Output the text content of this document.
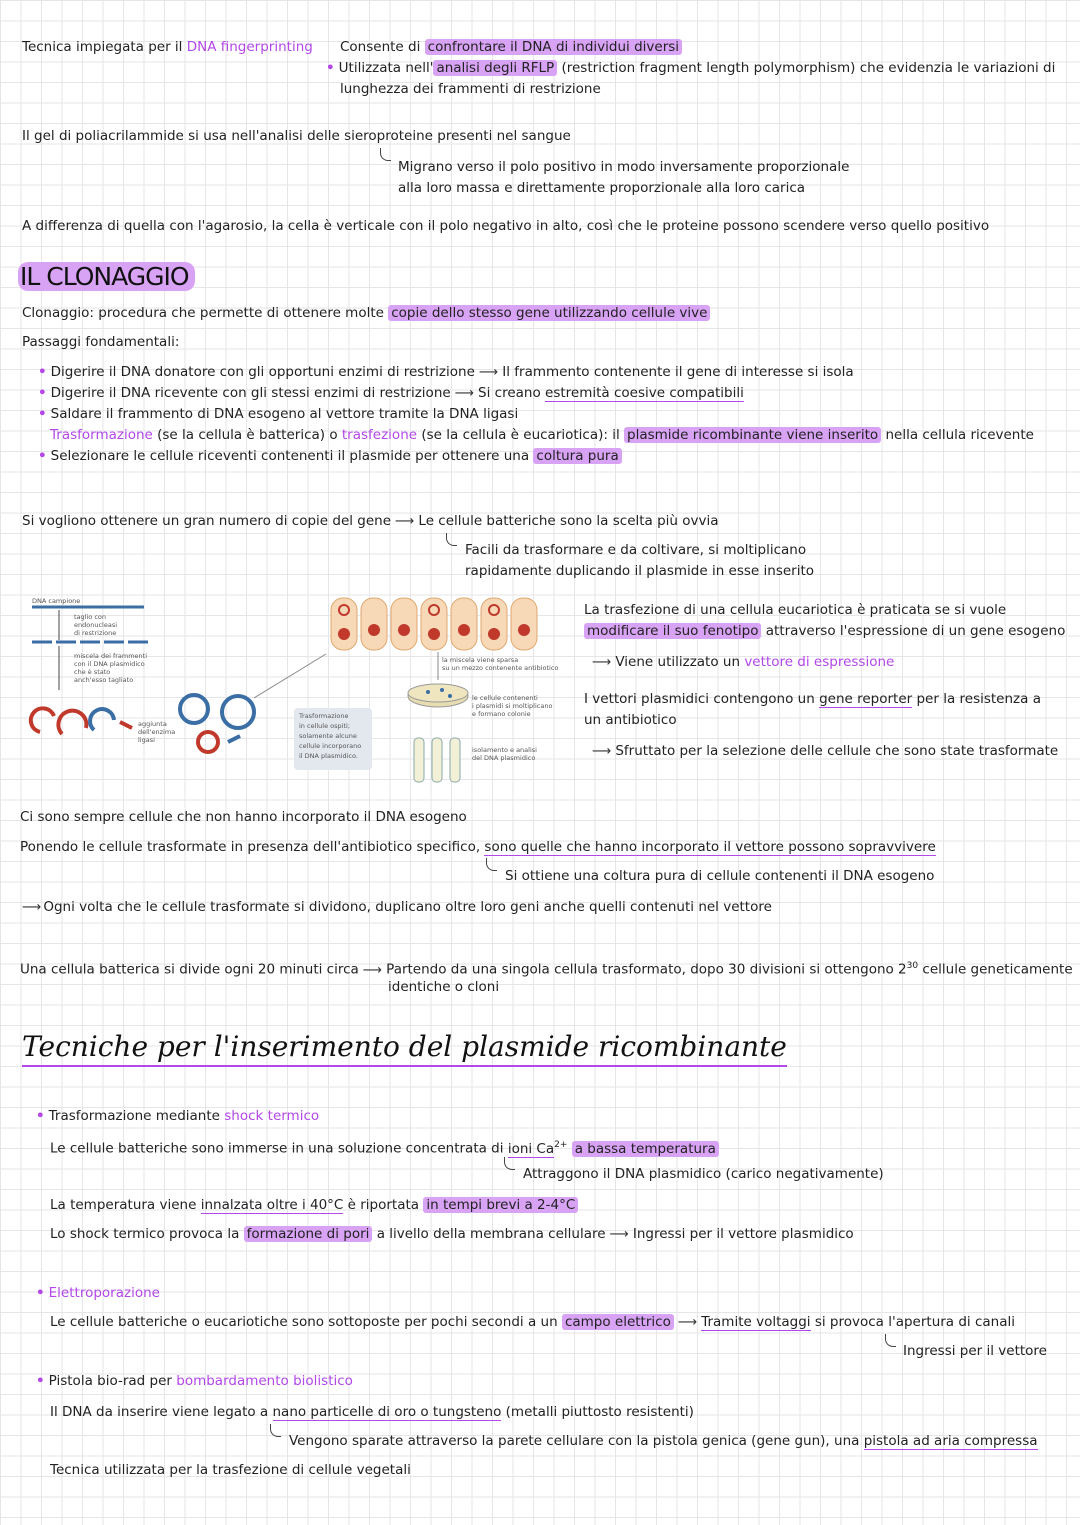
Tecnica impiegata per il DNA fingerprinting Consente di confrontare il DNA di individui diversi
• Utilizzata nell' analisi degli RFLP (restriction fragment length polymorphism) che evidenzia le variazioni di
lunghezza dei frammenti di restrizione
Il gel di poliacrilammide si usa nell'analisi delle sieroproteine presenti nel sangue
Migrano verso il polo positivo in modo inversamente proporzionale
alla loro massa e direttamente proporzionale alla loro carica
A differenza di quella con l'agarosio, la cella è verticale con il polo negativo in alto, così che le proteine possono scendere verso quello positivo
IL CLONAGGIO
Clonaggio: procedura che permette di ottenere molte copie dello stesso gene utilizzando cellule vive
Passaggi fondamentali:
• Digerire il DNA donatore con gli opportuni enzimi di restrizione ⟶ Il frammento contenente il gene di interesse si isola
• Digerire il DNA ricevente con gli stessi enzimi di restrizione ⟶ Si creano estremità coesive compatibili
• Saldare il frammento di DNA esogeno al vettore tramite la DNA ligasi
Trasformazione (se la cellula è batterica) o trasfezione (se la cellula è eucariotica): il plasmide ricombinante viene inserito nella cellula ricevente
• Selezionare le cellule riceventi contenenti il plasmide per ottenere una coltura pura
Si vogliono ottenere un gran numero di copie del gene ⟶ Le cellule batteriche sono la scelta più ovvia
Facili da trasformare e da coltivare, si moltiplicano
rapidamente duplicando il plasmide in esse inserito
DNA campione
taglio con
endonucleasi
di restrizione
miscela dei frammenti
con il DNA plasmidico
che è stato
anch'esso tagliato
aggiunta
dell'enzima
ligasi
Trasformazione
in cellule ospiti;
solamente alcune
cellule incorporano
il DNA plasmidico.
la miscela viene sparsa
su un mezzo contenente antibiotico
le cellule contenenti
i plasmidi si moltiplicano
e formano colonie
isolamento e analisi
del DNA plasmidico
La trasfezione di una cellula eucariotica è praticata se si vuole
modificare il suo fenotipo attraverso l'espressione di un gene esogeno
⟶ Viene utilizzato un vettore di espressione
I vettori plasmidici contengono un gene reporter per la resistenza a
un antibiotico
⟶ Sfruttato per la selezione delle cellule che sono state trasformate
Ci sono sempre cellule che non hanno incorporato il DNA esogeno
Ponendo le cellule trasformate in presenza dell'antibiotico specifico, sono quelle che hanno incorporato il vettore possono sopravvivere
Si ottiene una coltura pura di cellule contenenti il DNA esogeno
⟶ Ogni volta che le cellule trasformate si dividono, duplicano oltre loro geni anche quelli contenuti nel vettore
Una cellula batterica si divide ogni 20 minuti circa ⟶ Partendo da una singola cellula trasformato, dopo 30 divisioni si ottengono $2^{30}$ cellule geneticamente
identiche o cloni
Tecniche per l'inserimento del plasmide ricombinante
• Trasformazione mediante shock termico
Le cellule batteriche sono immerse in una soluzione concentrata di ioni $Ca^{2+}$ a bassa temperatura
Attraggono il DNA plasmidico (carico negativamente)
La temperatura viene innalzata oltre i 40°C è riportata in tempi brevi a 2-4°C
Lo shock termico provoca la formazione di pori a livello della membrana cellulare ⟶ Ingressi per il vettore plasmidico
• Elettroporazione
Le cellule batteriche o eucariotiche sono sottoposte per pochi secondi a un campo elettrico ⟶ Tramite voltaggi si provoca l'apertura di canali
Ingressi per il vettore
• Pistola bio-rad per bombardamento biolistico
Il DNA da inserire viene legato a nano particelle di oro o tungsteno (metalli piuttosto resistenti)
Vengono sparate attraverso la parete cellulare con la pistola genica (gene gun), una pistola ad aria compressa
Tecnica utilizzata per la trasfezione di cellule vegetali
